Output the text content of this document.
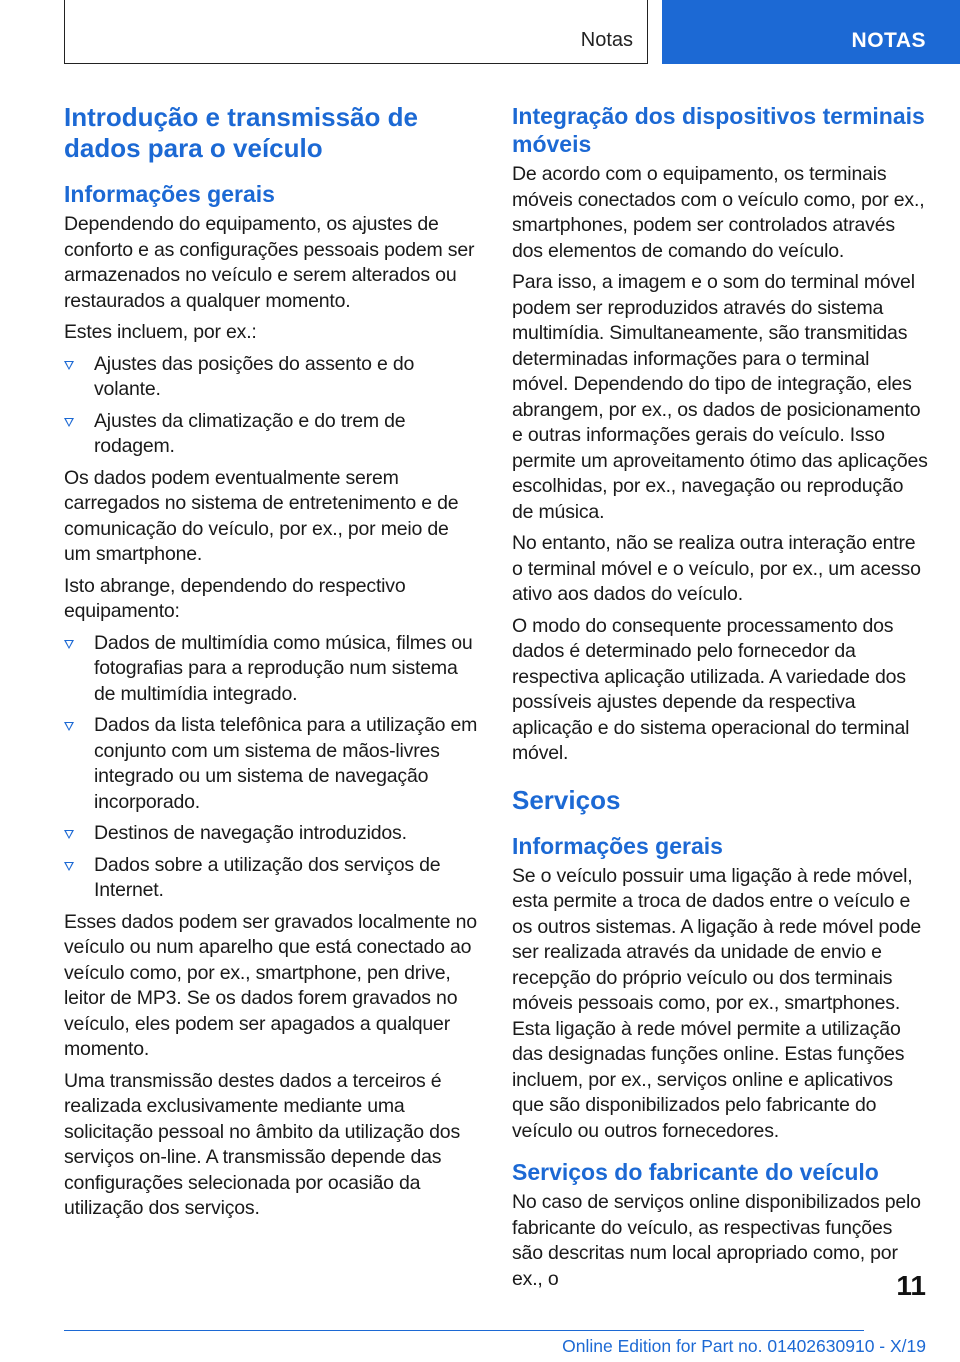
Notas	NOTAS
Introdução e transmissão de dados para o veículo
Informações gerais
Dependendo do equipamento, os ajustes de conforto e as configurações pessoais podem ser armazenados no veículo e serem alterados ou restaurados a qualquer momento.
Estes incluem, por ex.:
Ajustes das posições do assento e do volante.
Ajustes da climatização e do trem de rodagem.
Os dados podem eventualmente serem carregados no sistema de entretenimento e de comunicação do veículo, por ex., por meio de um smartphone.
Isto abrange, dependendo do respectivo equipamento:
Dados de multimídia como música, filmes ou fotografias para a reprodução num sistema de multimídia integrado.
Dados da lista telefônica para a utilização em conjunto com um sistema de mãos-livres integrado ou um sistema de navegação incorporado.
Destinos de navegação introduzidos.
Dados sobre a utilização dos serviços de Internet.
Esses dados podem ser gravados localmente no veículo ou num aparelho que está conectado ao veículo como, por ex., smartphone, pen drive, leitor de MP3. Se os dados forem gravados no veículo, eles podem ser apagados a qualquer momento.
Uma transmissão destes dados a terceiros é realizada exclusivamente mediante uma solicitação pessoal no âmbito da utilização dos serviços on-line. A transmissão depende das configurações selecionada por ocasião da utilização dos serviços.
Integração dos dispositivos terminais móveis
De acordo com o equipamento, os terminais móveis conectados com o veículo como, por ex., smartphones, podem ser controlados através dos elementos de comando do veículo.
Para isso, a imagem e o som do terminal móvel podem ser reproduzidos através do sistema multimídia. Simultaneamente, são transmitidas determinadas informações para o terminal móvel. Dependendo do tipo de integração, eles abrangem, por ex., os dados de posicionamento e outras informações gerais do veículo. Isso permite um aproveitamento ótimo das aplicações escolhidas, por ex., navegação ou reprodução de música.
No entanto, não se realiza outra interação entre o terminal móvel e o veículo, por ex., um acesso ativo aos dados do veículo.
O modo do consequente processamento dos dados é determinado pelo fornecedor da respectiva aplicação utilizada. A variedade dos possíveis ajustes depende da respectiva aplicação e do sistema operacional do terminal móvel.
Serviços
Informações gerais
Se o veículo possuir uma ligação à rede móvel, esta permite a troca de dados entre o veículo e os outros sistemas. A ligação à rede móvel pode ser realizada através da unidade de envio e recepção do próprio veículo ou dos terminais móveis pessoais como, por ex., smartphones. Esta ligação à rede móvel permite a utilização das designadas funções online. Estas funções incluem, por ex., serviços online e aplicativos que são disponibilizados pelo fabricante do veículo ou outros fornecedores.
Serviços do fabricante do veículo
No caso de serviços online disponibilizados pelo fabricante do veículo, as respectivas funções são descritas num local apropriado como, por ex., o	11
Online Edition for Part no. 01402630910 - X/19
